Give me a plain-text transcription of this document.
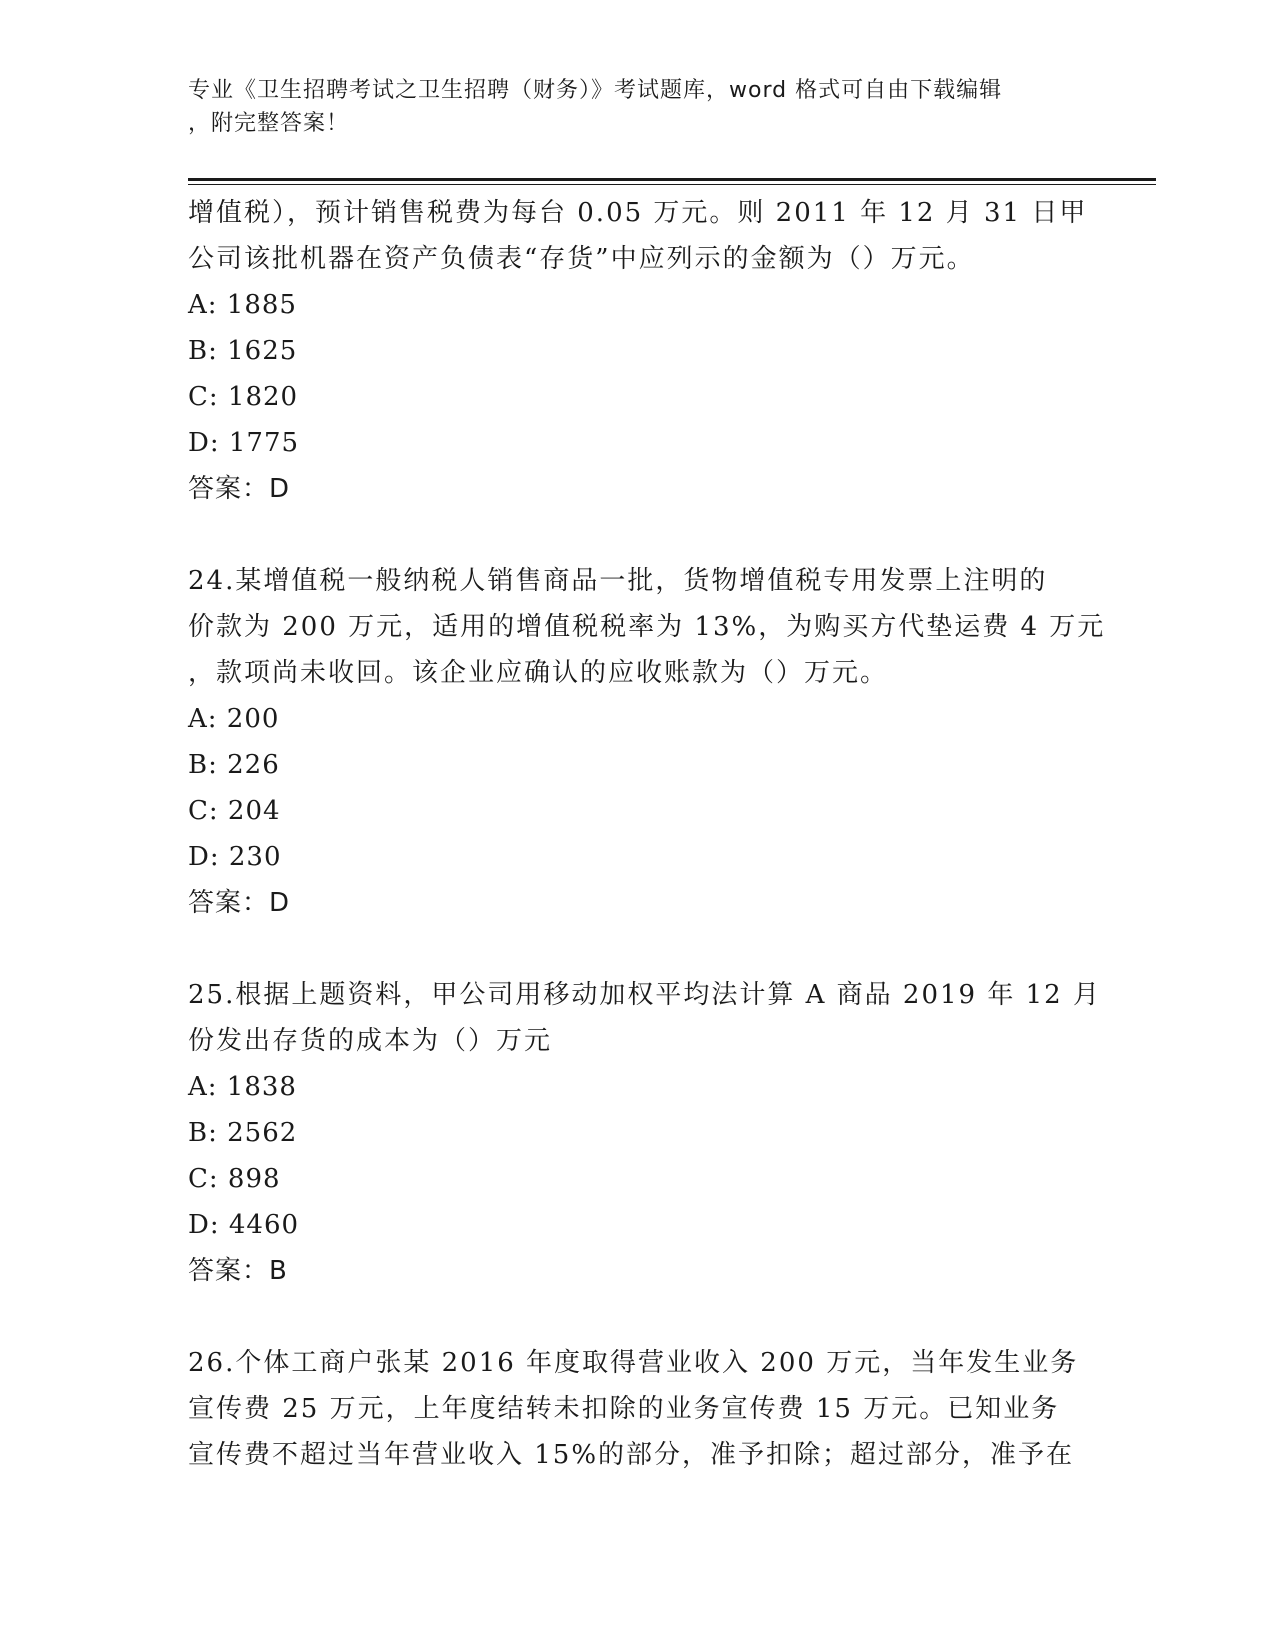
专业《卫生招聘考试之卫生招聘（财务）》考试题库，word 格式可自由下载编辑
，附完整答案！
增值税），预计销售税费为每台 0.05 万元。则 2011 年 12 月 31 日甲
公司该批机器在资产负债表“存货”中应列示的金额为（）万元。
A: 1885
B: 1625
C: 1820
D: 1775
答案：D
24.某增值税一般纳税人销售商品一批，货物增值税专用发票上注明的
价款为 200 万元，适用的增值税税率为 13%，为购买方代垫运费 4 万元
，款项尚未收回。该企业应确认的应收账款为（）万元。
A: 200
B: 226
C: 204
D: 230
答案：D
25.根据上题资料，甲公司用移动加权平均法计算 A 商品 2019 年 12 月
份发出存货的成本为（）万元
A: 1838
B: 2562
C: 898
D: 4460
答案：B
26.个体工商户张某 2016 年度取得营业收入 200 万元，当年发生业务
宣传费 25 万元，上年度结转未扣除的业务宣传费 15 万元。已知业务
宣传费不超过当年营业收入 15%的部分，准予扣除；超过部分，准予在
